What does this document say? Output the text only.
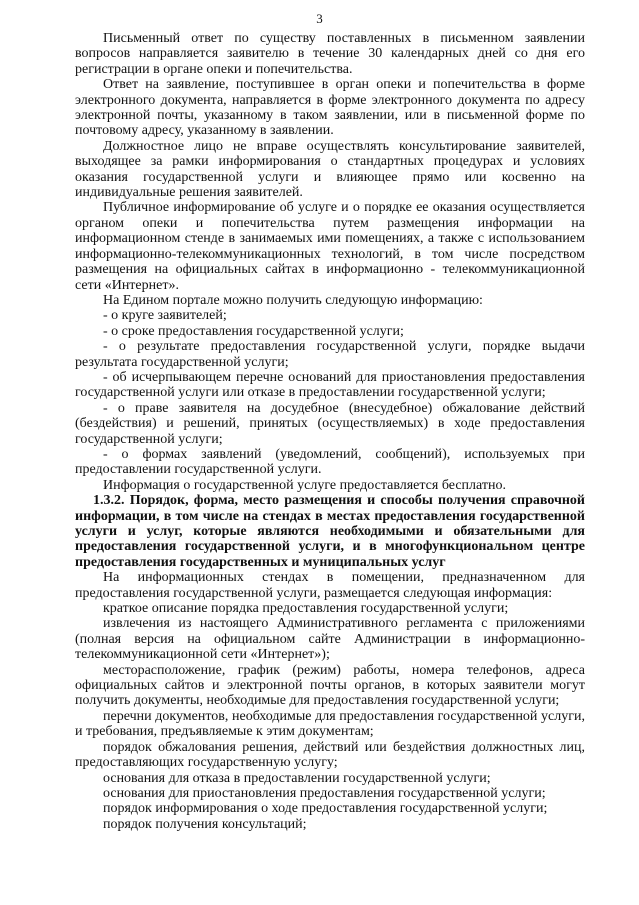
3

Письменный ответ по существу поставленных в письменном заявлении вопросов направляется заявителю в течение 30 календарных дней со дня его регистрации в органе опеки и попечительства.

Ответ на заявление, поступившее в орган опеки и попечительства в форме электронного документа, направляется в форме электронного документа по адресу электронной почты, указанному в таком заявлении, или в письменной форме по почтовому адресу, указанному в заявлении.

Должностное лицо не вправе осуществлять консультирование заявителей, выходящее за рамки информирования о стандартных процедурах и условиях оказания государственной услуги и влияющее прямо или косвенно на индивидуальные решения заявителей.

Публичное информирование об услуге и о порядке ее оказания осуществляется органом опеки и попечительства путем размещения информации на информационном стенде в занимаемых ими помещениях, а также с использованием информационно-телекоммуникационных технологий, в том числе посредством размещения на официальных сайтах в информационно - телекоммуникационной сети «Интернет».

На Едином портале можно получить следующую информацию:

- о круге заявителей;

- о сроке предоставления государственной услуги;

- о результате предоставления государственной услуги, порядке выдачи результата государственной услуги;

- об исчерпывающем перечне оснований для приостановления предоставления государственной услуги или отказе в предоставлении государственной услуги;

- о праве заявителя на досудебное (внесудебное) обжалование действий (бездействия) и решений, принятых (осуществляемых) в ходе предоставления государственной услуги;

- о формах заявлений (уведомлений, сообщений), используемых при предоставлении государственной услуги.

Информация о государственной услуге предоставляется бесплатно.

1.3.2. Порядок, форма, место размещения и способы получения справочной информации, в том числе на стендах в местах предоставления государственной услуги и услуг, которые являются необходимыми и обязательными для предоставления государственной услуги, и в многофункциональном центре предоставления государственных и муниципальных услуг

На информационных стендах в помещении, предназначенном для предоставления государственной услуги, размещается следующая информация:

краткое описание порядка предоставления государственной услуги;

извлечения из настоящего Административного регламента с приложениями (полная версия на официальном сайте Администрации в информационно-телекоммуникационной сети «Интернет»);

месторасположение, график (режим) работы, номера телефонов, адреса официальных сайтов и электронной почты органов, в которых заявители могут получить документы, необходимые для предоставления государственной услуги;

перечни документов, необходимые для предоставления государственной услуги, и требования, предъявляемые к этим документам;

порядок обжалования решения, действий или бездействия должностных лиц, предоставляющих государственную услугу;

основания для отказа в предоставлении государственной услуги;

основания для приостановления предоставления государственной услуги;

порядок информирования о ходе предоставления государственной услуги;

порядок получения консультаций;
